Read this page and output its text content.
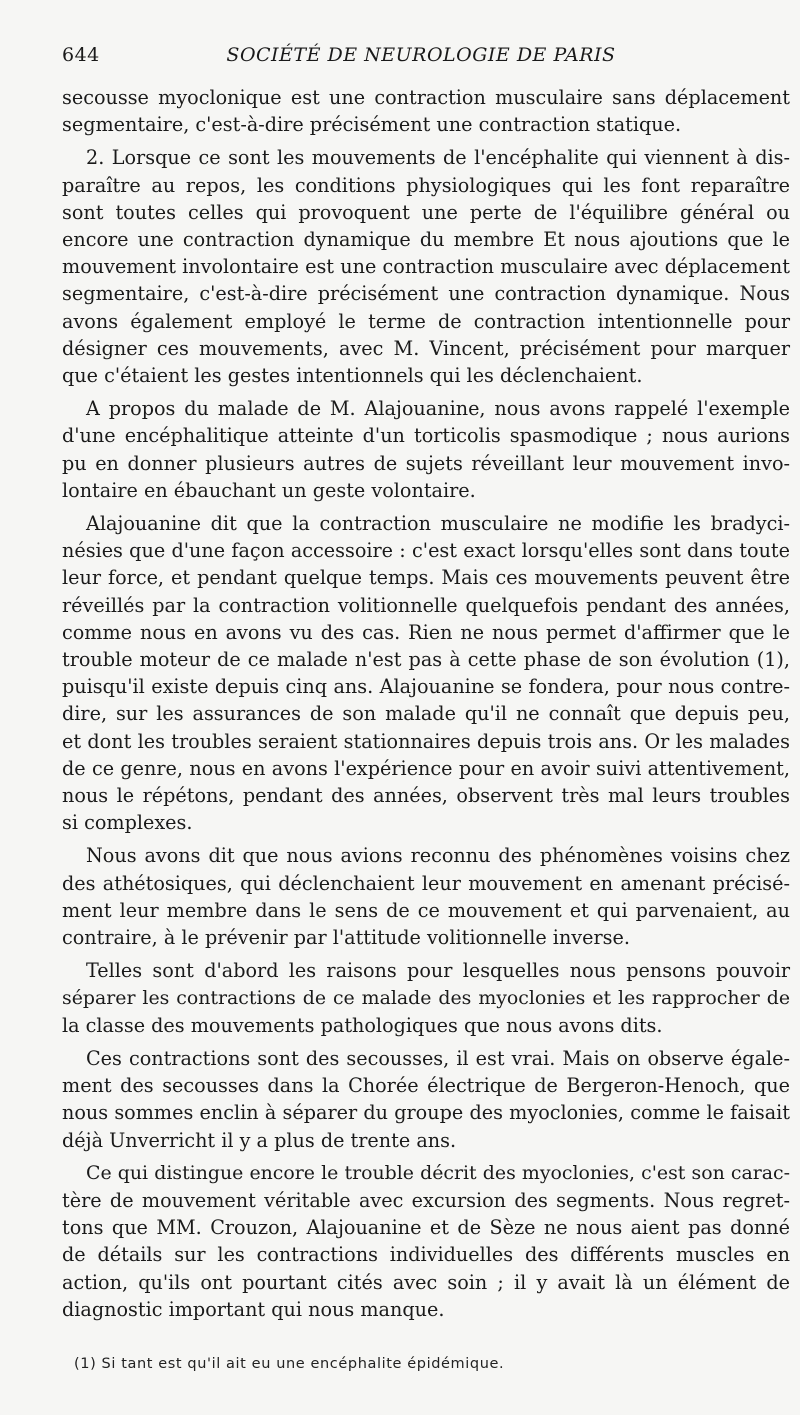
644	SOCIÉTÉ DE NEUROLOGIE DE PARIS
secousse myoclonique est une contraction musculaire sans déplacement
segmentaire, c'est-à-dire précisément une contraction statique.
2. Lorsque ce sont les mouvements de l'encéphalite qui viennent à dis-
paraître au repos, les conditions physiologiques qui les font reparaître
sont toutes celles qui provoquent une perte de l'équilibre général ou
encore une contraction dynamique du membre Et nous ajoutions que le
mouvement involontaire est une contraction musculaire avec déplacement
segmentaire, c'est-à-dire précisément une contraction dynamique. Nous
avons également employé le terme de contraction intentionnelle pour
désigner ces mouvements, avec M. Vincent, précisément pour marquer
que c'étaient les gestes intentionnels qui les déclenchaient.
A propos du malade de M. Alajouanine, nous avons rappelé l'exemple
d'une encéphalitique atteinte d'un torticolis spasmodique ; nous aurions
pu en donner plusieurs autres de sujets réveillant leur mouvement invo-
lontaire en ébauchant un geste volontaire.
Alajouanine dit que la contraction musculaire ne modifie les bradyci-
nésies que d'une façon accessoire : c'est exact lorsqu'elles sont dans toute
leur force, et pendant quelque temps. Mais ces mouvements peuvent être
réveillés par la contraction volitionnelle quelquefois pendant des années,
comme nous en avons vu des cas. Rien ne nous permet d'affirmer que le
trouble moteur de ce malade n'est pas à cette phase de son évolution (1),
puisqu'il existe depuis cinq ans. Alajouanine se fondera, pour nous contre-
dire, sur les assurances de son malade qu'il ne connaît que depuis peu,
et dont les troubles seraient stationnaires depuis trois ans. Or les malades
de ce genre, nous en avons l'expérience pour en avoir suivi attentivement,
nous le répétons, pendant des années, observent très mal leurs troubles
si complexes.
Nous avons dit que nous avions reconnu des phénomènes voisins chez
des athétosiques, qui déclenchaient leur mouvement en amenant précisé-
ment leur membre dans le sens de ce mouvement et qui parvenaient, au
contraire, à le prévenir par l'attitude volitionnelle inverse.
Telles sont d'abord les raisons pour lesquelles nous pensons pouvoir
séparer les contractions de ce malade des myoclonies et les rapprocher de
la classe des mouvements pathologiques que nous avons dits.
Ces contractions sont des secousses, il est vrai. Mais on observe égale-
ment des secousses dans la Chorée électrique de Bergeron-Henoch, que
nous sommes enclin à séparer du groupe des myoclonies, comme le faisait
déjà Unverricht il y a plus de trente ans.
Ce qui distingue encore le trouble décrit des myoclonies, c'est son carac-
tère de mouvement véritable avec excursion des segments. Nous regret-
tons que MM. Crouzon, Alajouanine et de Sèze ne nous aient pas donné
de détails sur les contractions individuelles des différents muscles en
action, qu'ils ont pourtant cités avec soin ; il y avait là un élément de
diagnostic important qui nous manque.
(1) Si tant est qu'il ait eu une encéphalite épidémique.
